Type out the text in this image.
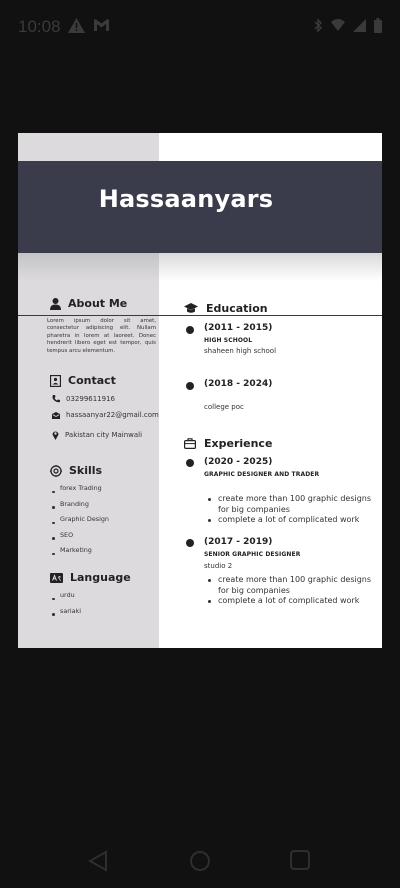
10:08
Hassaanyars
About Me
Lorem ipsum dolor sit amet, consectetur adipiscing elit. Nullam pharetra in lorem at laoreet. Donec hendrerit libero eget est tempor, quis tempus arcu elementum.
Contact
03299611916
hassaanyar22@gmail.com
Pakistan city Mainwali
Skills
forex Trading
Branding
Graphic Design
SEO
Marketing
Language
urdu
sariaki
Education
(2011 - 2015)
HIGH SCHOOL
shaheen high school
(2018 - 2024)
college poc
Experience
(2020 - 2025)
GRAPHIC DESIGNER AND TRADER
create more than 100 graphic designs for big companies
complete a lot of complicated work
(2017 - 2019)
SENIOR GRAPHIC DESIGNER
studio 2
create more than 100 graphic designs for big companies
complete a lot of complicated work
